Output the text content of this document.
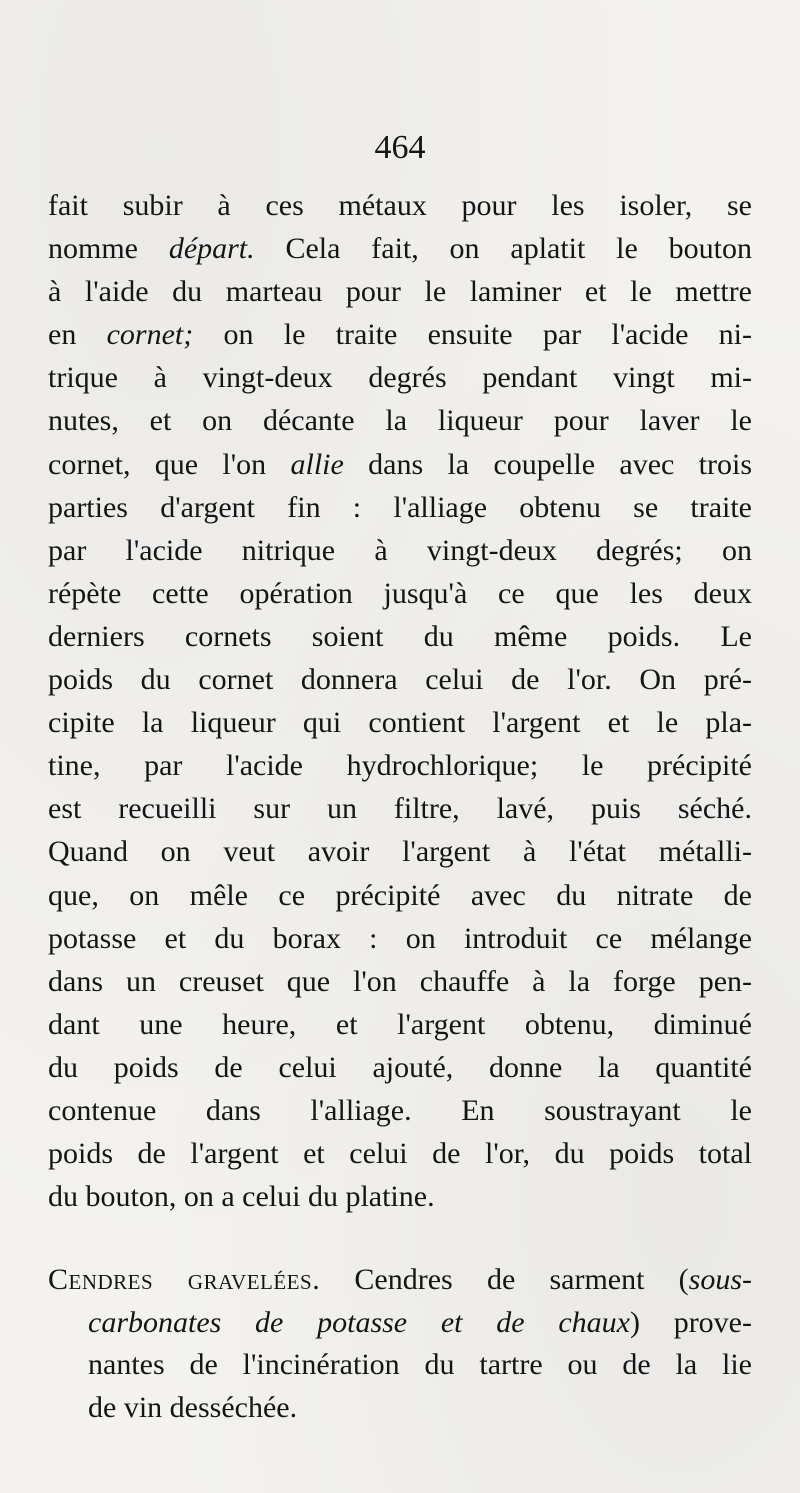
464

fait subir à ces métaux pour les isoler, se
nomme départ. Cela fait, on aplatit le bouton
à l'aide du marteau pour le laminer et le mettre
en cornet; on le traite ensuite par l'acide ni-
trique à vingt-deux degrés pendant vingt mi-
nutes, et on décante la liqueur pour laver le
cornet, que l'on allie dans la coupelle avec trois
parties d'argent fin : l'alliage obtenu se traite
par l'acide nitrique à vingt-deux degrés; on
répète cette opération jusqu'à ce que les deux
derniers cornets soient du même poids. Le
poids du cornet donnera celui de l'or. On pré-
cipite la liqueur qui contient l'argent et le pla-
tine, par l'acide hydrochlorique; le précipité
est recueilli sur un filtre, lavé, puis séché.
Quand on veut avoir l'argent à l'état métalli-
que, on mêle ce précipité avec du nitrate de
potasse et du borax : on introduit ce mélange
dans un creuset que l'on chauffe à la forge pen-
dant une heure, et l'argent obtenu, diminué
du poids de celui ajouté, donne la quantité
contenue dans l'alliage. En soustrayant le
poids de l'argent et celui de l'or, du poids total
du bouton, on a celui du platine.

Cendres gravelées. Cendres de sarment (sous-
carbonates de potasse et de chaux) prove-
nantes de l'incinération du tartre ou de la lie
de vin desséchée.
